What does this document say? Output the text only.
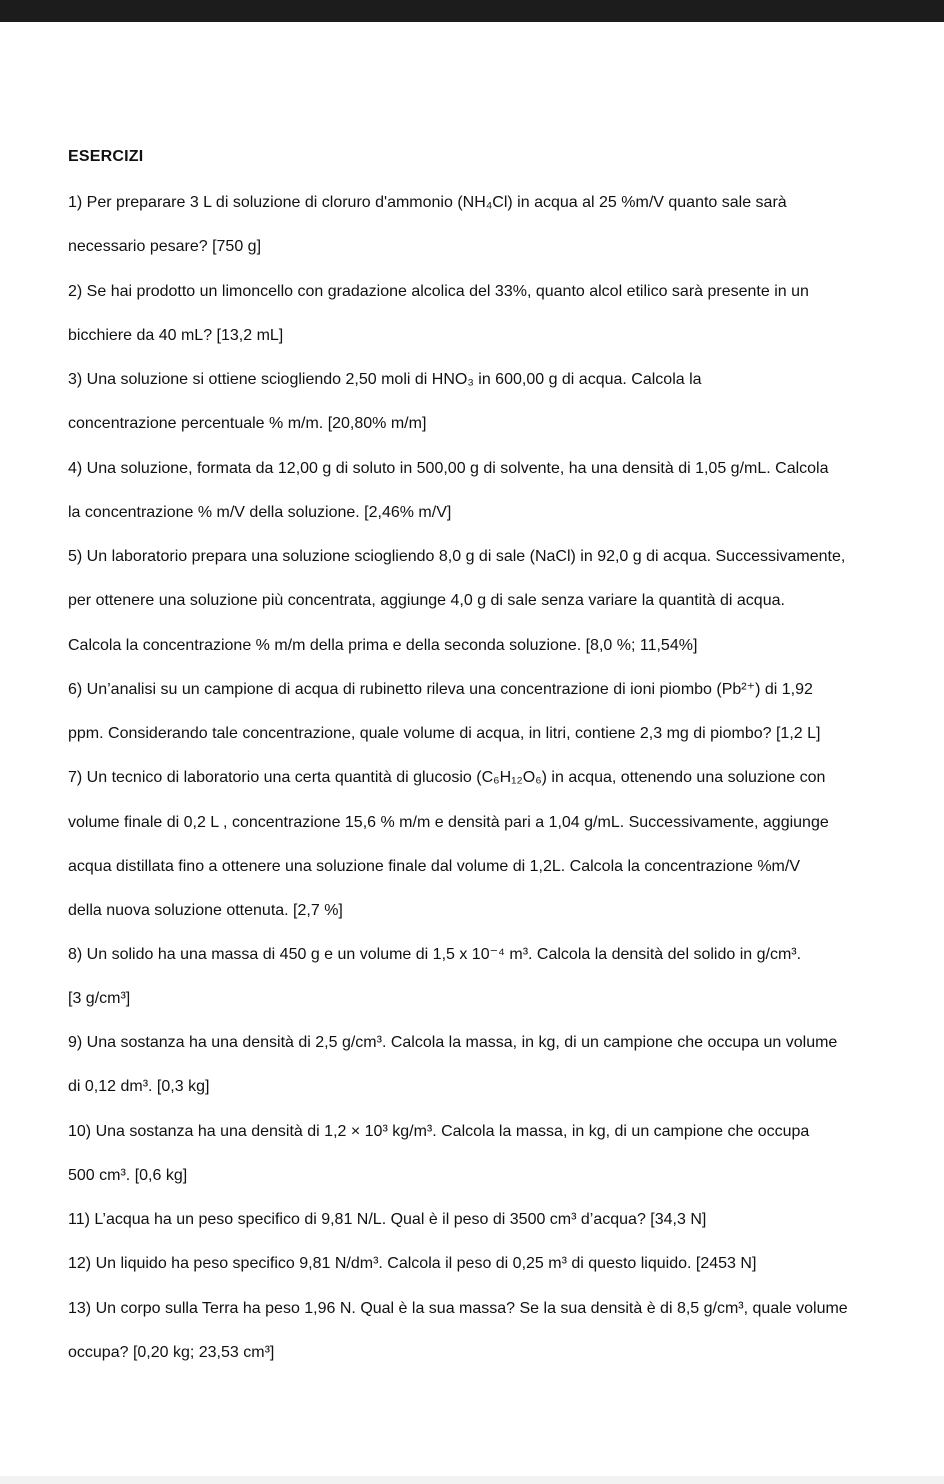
ESERCIZI
1) Per preparare 3 L di soluzione di cloruro d'ammonio (NH₄Cl) in acqua al 25 %m/V quanto sale sarà
necessario pesare? [750 g]
2) Se hai prodotto un limoncello con gradazione alcolica del 33%, quanto alcol etilico sarà presente in un
bicchiere da 40 mL? [13,2 mL]
3) Una soluzione si ottiene sciogliendo 2,50 moli di HNO₃ in 600,00 g di acqua. Calcola la
concentrazione percentuale % m/m. [20,80% m/m]
4) Una soluzione, formata da 12,00 g di soluto in 500,00 g di solvente, ha una densità di 1,05 g/mL. Calcola
la concentrazione % m/V della soluzione. [2,46% m/V]
5) Un laboratorio prepara una soluzione sciogliendo 8,0 g di sale (NaCl) in 92,0 g di acqua. Successivamente,
per ottenere una soluzione più concentrata, aggiunge 4,0 g di sale senza variare la quantità di acqua.
Calcola la concentrazione % m/m della prima e della seconda soluzione. [8,0 %; 11,54%]
6) Un’analisi su un campione di acqua di rubinetto rileva una concentrazione di ioni piombo (Pb²⁺) di 1,92
ppm. Considerando tale concentrazione, quale volume di acqua, in litri, contiene 2,3 mg di piombo? [1,2 L]
7) Un tecnico di laboratorio una certa quantità di glucosio (C₆H₁₂O₆) in acqua, ottenendo una soluzione con
volume finale di 0,2 L , concentrazione 15,6 % m/m e densità pari a 1,04 g/mL. Successivamente, aggiunge
acqua distillata fino a ottenere una soluzione finale dal volume di 1,2L. Calcola la concentrazione %m/V
della nuova soluzione ottenuta. [2,7 %]
8) Un solido ha una massa di 450 g e un volume di 1,5 x 10⁻⁴ m³. Calcola la densità del solido in g/cm³.
[3 g/cm³]
9) Una sostanza ha una densità di 2,5 g/cm³. Calcola la massa, in kg, di un campione che occupa un volume
di 0,12 dm³. [0,3 kg]
10) Una sostanza ha una densità di 1,2 × 10³ kg/m³. Calcola la massa, in kg, di un campione che occupa
500 cm³. [0,6 kg]
11) L’acqua ha un peso specifico di 9,81 N/L. Qual è il peso di 3500 cm³ d’acqua? [34,3 N]
12) Un liquido ha peso specifico 9,81 N/dm³. Calcola il peso di 0,25 m³ di questo liquido. [2453 N]
13) Un corpo sulla Terra ha peso 1,96 N. Qual è la sua massa? Se la sua densità è di 8,5 g/cm³, quale volume
occupa? [0,20 kg; 23,53 cm³]
